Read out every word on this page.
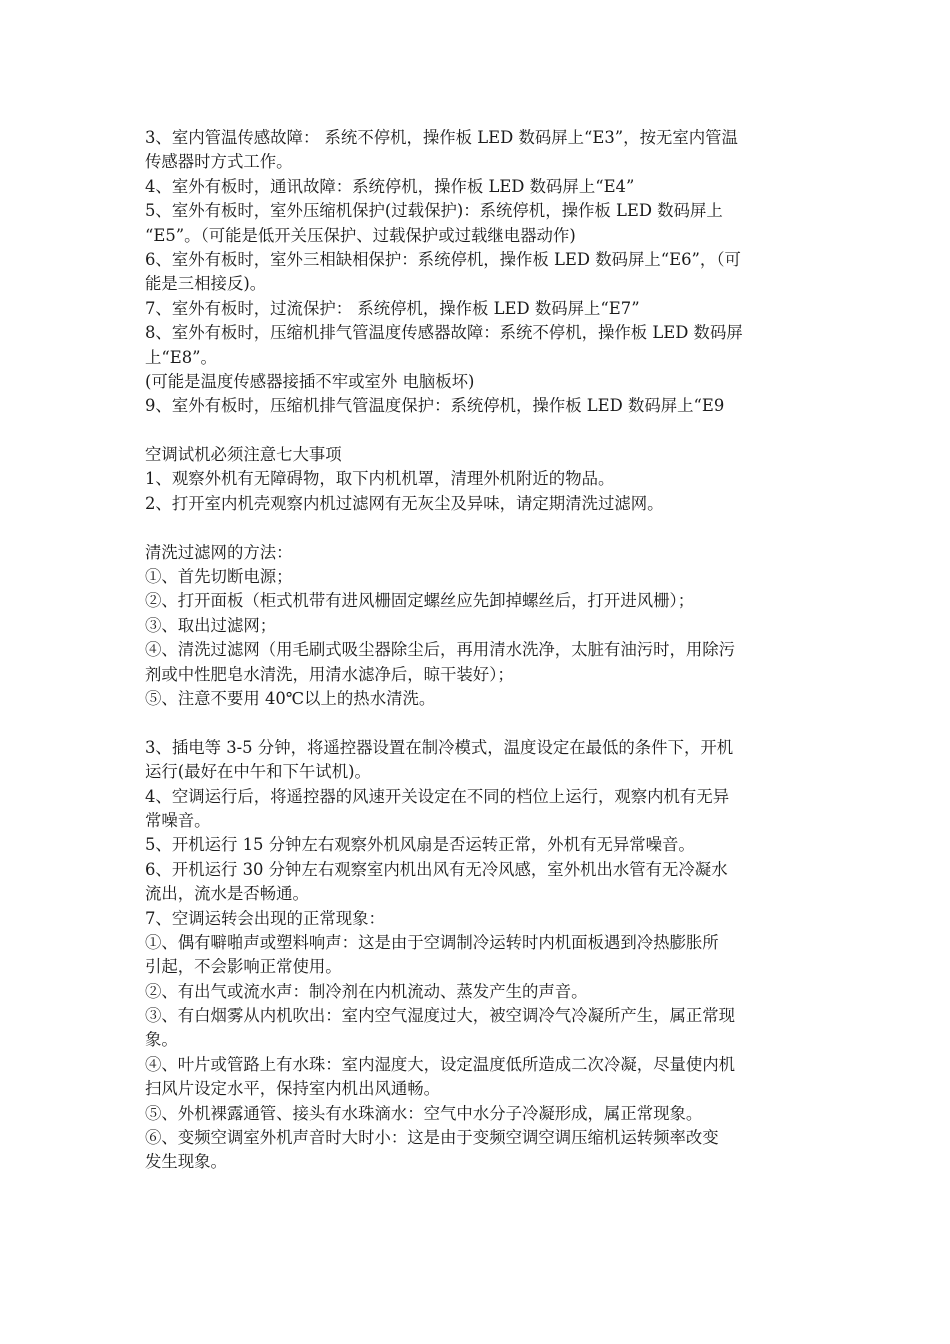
3、室内管温传感故障： 系统不停机，操作板 LED 数码屏上“E3”，按无室内管温
传感器时方式工作。
4、室外有板时，通讯故障：系统停机，操作板 LED 数码屏上“E4”
5、室外有板时，室外压缩机保护(过载保护)：系统停机，操作板 LED 数码屏上
“E5”。（可能是低开关压保护、过载保护或过载继电器动作)
6、室外有板时，室外三相缺相保护：系统停机，操作板 LED 数码屏上“E6”，（可
能是三相接反)。
7、室外有板时，过流保护： 系统停机，操作板 LED 数码屏上“E7”
8、室外有板时，压缩机排气管温度传感器故障：系统不停机，操作板 LED 数码屏
上“E8”。
(可能是温度传感器接插不牢或室外 电脑板坏)
9、室外有板时，压缩机排气管温度保护：系统停机，操作板 LED 数码屏上“E9
空调试机必须注意七大事项
1、观察外机有无障碍物，取下内机机罩，清理外机附近的物品。
2、打开室内机壳观察内机过滤网有无灰尘及异味，请定期清洗过滤网。
清洗过滤网的方法：
①、首先切断电源；
②、打开面板（柜式机带有进风栅固定螺丝应先卸掉螺丝后，打开进风栅）；
③、取出过滤网；
④、清洗过滤网（用毛刷式吸尘器除尘后，再用清水洗净，太脏有油污时，用除污
剂或中性肥皂水清洗，用清水滤净后，晾干装好）；
⑤、注意不要用 40℃以上的热水清洗。
3、插电等 3-5 分钟，将遥控器设置在制冷模式，温度设定在最低的条件下，开机
运行(最好在中午和下午试机)。
4、空调运行后，将遥控器的风速开关设定在不同的档位上运行，观察内机有无异
常噪音。
5、开机运行 15 分钟左右观察外机风扇是否运转正常，外机有无异常噪音。
6、开机运行 30 分钟左右观察室内机出风有无冷风感，室外机出水管有无冷凝水
流出，流水是否畅通。
7、空调运转会出现的正常现象：
①、偶有噼啪声或塑料响声：这是由于空调制冷运转时内机面板遇到冷热膨胀所
引起，不会影响正常使用。
②、有出气或流水声：制冷剂在内机流动、蒸发产生的声音。
③、有白烟雾从内机吹出：室内空气湿度过大，被空调冷气冷凝所产生，属正常现
象。
④、叶片或管路上有水珠：室内湿度大，设定温度低所造成二次冷凝，尽量使内机
扫风片设定水平，保持室内机出风通畅。
⑤、外机裸露通管、接头有水珠滴水：空气中水分子冷凝形成，属正常现象。
⑥、变频空调室外机声音时大时小：这是由于变频空调空调压缩机运转频率改变
发生现象。
